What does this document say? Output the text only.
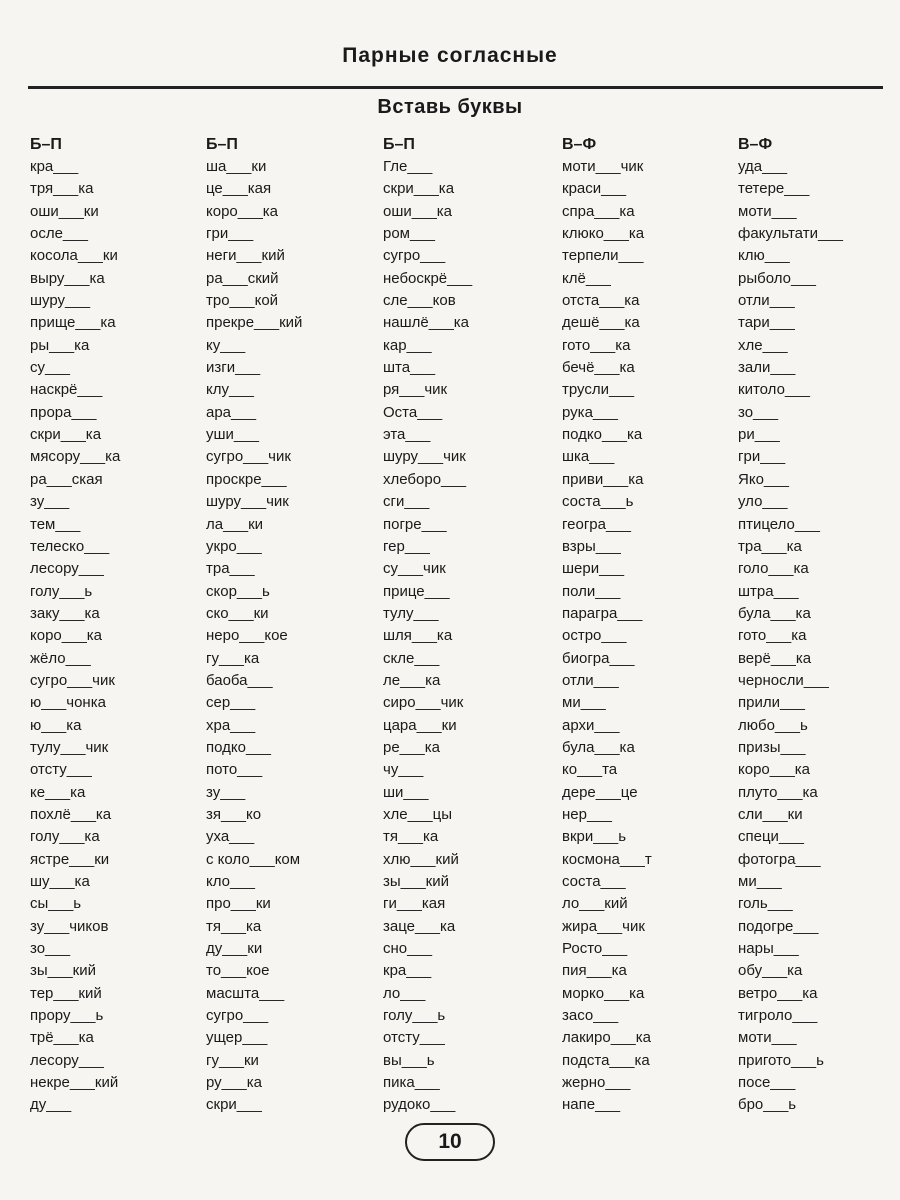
Парные согласные
Вставь буквы
Б–П
кра___
тря___ка
оши___ки
осле___
косола___ки
выру___ка
шуру___
прище___ка
ры___ка
су___
наскрё___
прора___
скри___ка
мясору___ка
ра___ская
зу___
тем___
телеско___
лесору___
голу___ь
заку___ка
коро___ка
жёло___
сугро___чик
ю___чонка
ю___ка
тулу___чик
отсту___
ке___ка
похлё___ка
голу___ка
ястре___ки
шу___ка
сы___ь
зу___чиков
зо___
зы___кий
тер___кий
прору___ь
трё___ка
лесору___
некре___кий
ду___
Б–П
ша___ки
це___кая
коро___ка
гри___
неги___кий
ра___ский
тро___кой
прекре___кий
ку___
изги___
клу___
ара___
уши___
сугро___чик
проскре___
шуру___чик
ла___ки
укро___
тра___
скор___ь
ско___ки
неро___кое
гу___ка
баоба___
сер___
хра___
подко___
пото___
зу___
зя___ко
уха___
с коло___ком
кло___
про___ки
тя___ка
ду___ки
то___кое
масшта___
сугро___
ущер___
гу___ки
ру___ка
скри___
Б–П
Гле___
скри___ка
оши___ка
ром___
сугро___
небоскрё___
сле___ков
нашлё___ка
кар___
шта___
ря___чик
Оста___
эта___
шуру___чик
хлеборо___
сги___
погре___
гер___
су___чик
прице___
тулу___
шля___ка
скле___
ле___ка
сиро___чик
цара___ки
ре___ка
чу___
ши___
хле___цы
тя___ка
хлю___кий
зы___кий
ги___кая
заце___ка
сно___
кра___
ло___
голу___ь
отсту___
вы___ь
пика___
рудоко___
В–Ф
моти___чик
краси___
спра___ка
клюко___ка
терпели___
клё___
отста___ка
дешё___ка
гото___ка
бечё___ка
трусли___
рука___
подко___ка
шка___
приви___ка
соста___ь
геогра___
взры___
шери___
поли___
парагра___
остро___
биогра___
отли___
ми___
архи___
була___ка
ко___та
дере___це
нер___
вкри___ь
космона___т
соста___
ло___кий
жира___чик
Росто___
пия___ка
морко___ка
засо___
лакиро___ка
подста___ка
жерно___
напе___
В–Ф
уда___
тетере___
моти___
факультати___
клю___
рыболо___
отли___
тари___
хле___
зали___
китоло___
зо___
ри___
гри___
Яко___
уло___
птицело___
тра___ка
голо___ка
штра___
була___ка
гото___ка
верё___ка
черносли___
прили___
любо___ь
призы___
коро___ка
плуто___ка
сли___ки
специ___
фотогра___
ми___
голь___
подогре___
нары___
обу___ка
ветро___ка
тигроло___
моти___
пригото___ь
посе___
бро___ь
10
